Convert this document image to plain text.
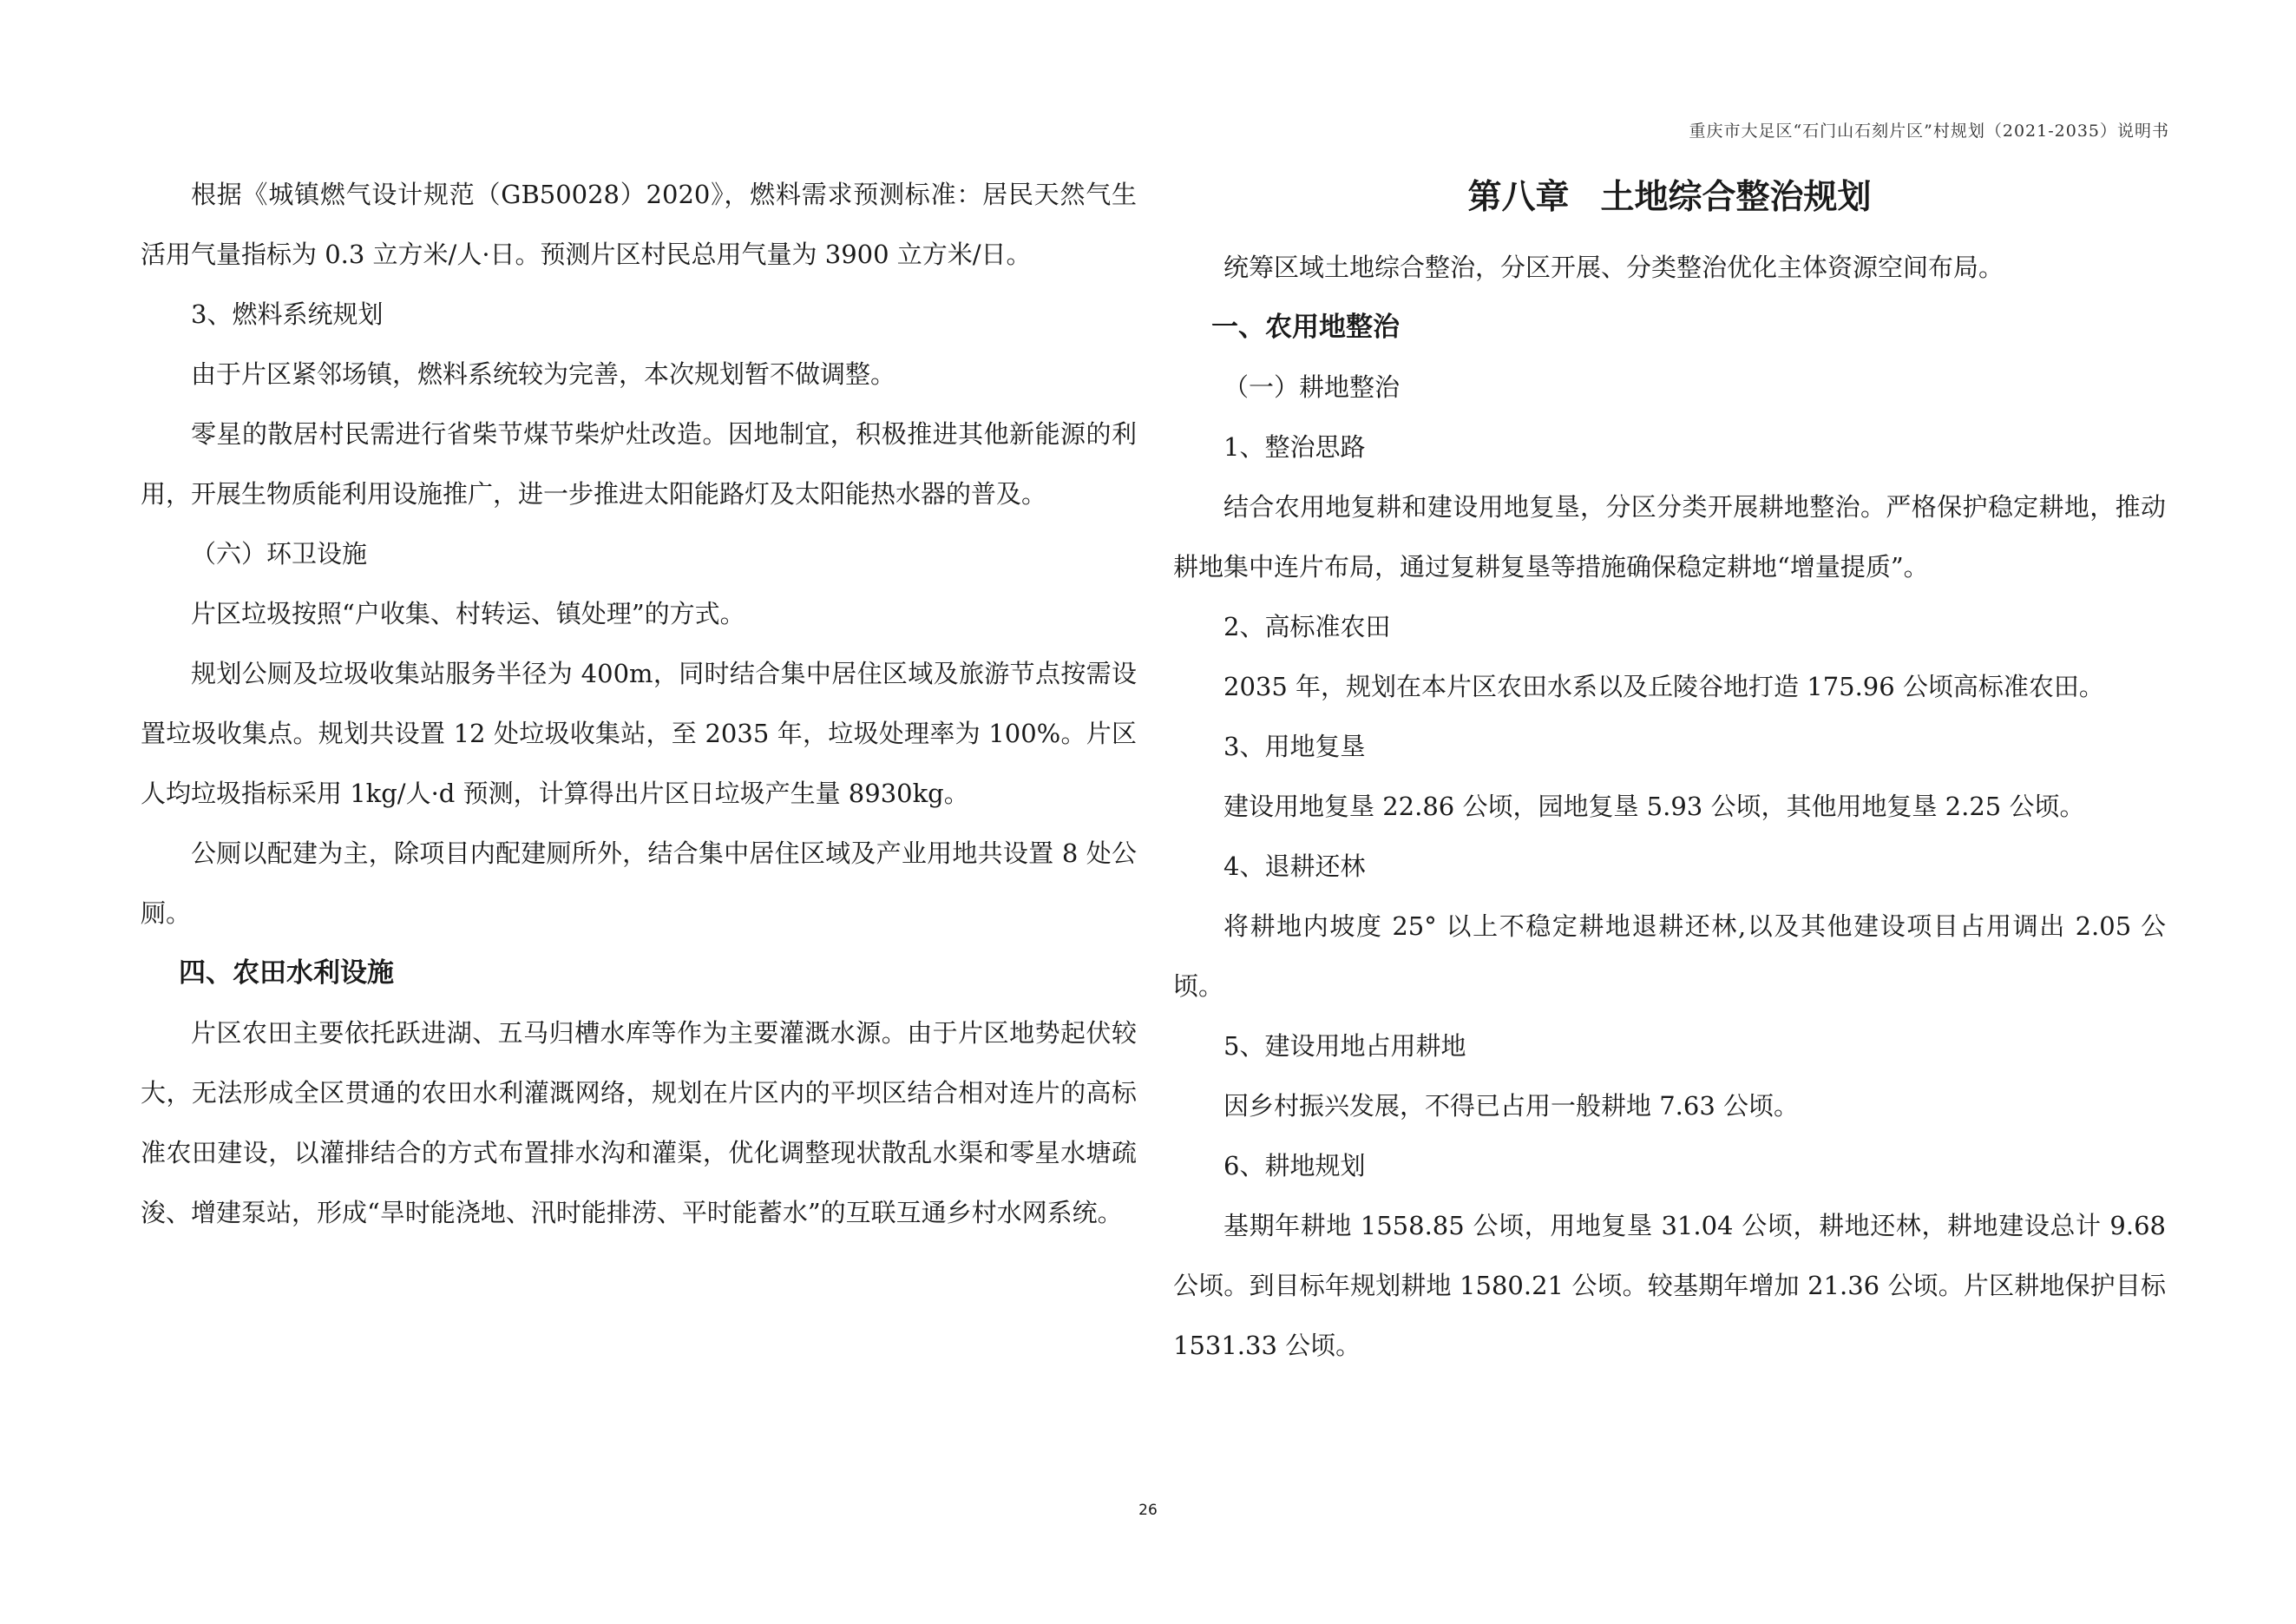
重庆市大足区“石门山石刻片区”村规划（2021-2035）说明书

根据《城镇燃气设计规范（GB50028）2020》，燃料需求预测标准：居民天然气生活用气量指标为 0.3 立方米/人·日。预测片区村民总用气量为 3900 立方米/日。

3、燃料系统规划

由于片区紧邻场镇，燃料系统较为完善，本次规划暂不做调整。

零星的散居村民需进行省柴节煤节柴炉灶改造。因地制宜，积极推进其他新能源的利用，开展生物质能利用设施推广，进一步推进太阳能路灯及太阳能热水器的普及。

（六）环卫设施

片区垃圾按照“户收集、村转运、镇处理”的方式。

规划公厕及垃圾收集站服务半径为 400m，同时结合集中居住区域及旅游节点按需设置垃圾收集点。规划共设置 12 处垃圾收集站，至 2035 年，垃圾处理率为 100%。片区人均垃圾指标采用 1kg/人·d 预测，计算得出片区日垃圾产生量 8930kg。

公厕以配建为主，除项目内配建厕所外，结合集中居住区域及产业用地共设置 8 处公厕。

四、农田水利设施

片区农田主要依托跃进湖、五马归槽水库等作为主要灌溉水源。由于片区地势起伏较大，无法形成全区贯通的农田水利灌溉网络，规划在片区内的平坝区结合相对连片的高标准农田建设，以灌排结合的方式布置排水沟和灌渠，优化调整现状散乱水渠和零星水塘疏浚、增建泵站，形成“旱时能浇地、汛时能排涝、平时能蓄水”的互联互通乡村水网系统。

第八章 土地综合整治规划

统筹区域土地综合整治，分区开展、分类整治优化主体资源空间布局。

一、农用地整治

（一）耕地整治

1、整治思路

结合农用地复耕和建设用地复垦，分区分类开展耕地整治。严格保护稳定耕地，推动耕地集中连片布局，通过复耕复垦等措施确保稳定耕地“增量提质”。

2、高标准农田

2035 年，规划在本片区农田水系以及丘陵谷地打造 175.96 公顷高标准农田。

3、用地复垦

建设用地复垦 22.86 公顷，园地复垦 5.93 公顷，其他用地复垦 2.25 公顷。

4、退耕还林

将耕地内坡度 25° 以上不稳定耕地退耕还林,以及其他建设项目占用调出 2.05 公顷。

5、建设用地占用耕地

因乡村振兴发展，不得已占用一般耕地 7.63 公顷。

6、耕地规划

基期年耕地 1558.85 公顷，用地复垦 31.04 公顷，耕地还林，耕地建设总计 9.68 公顷。到目标年规划耕地 1580.21 公顷。较基期年增加 21.36 公顷。片区耕地保护目标 1531.33 公顷。

26
